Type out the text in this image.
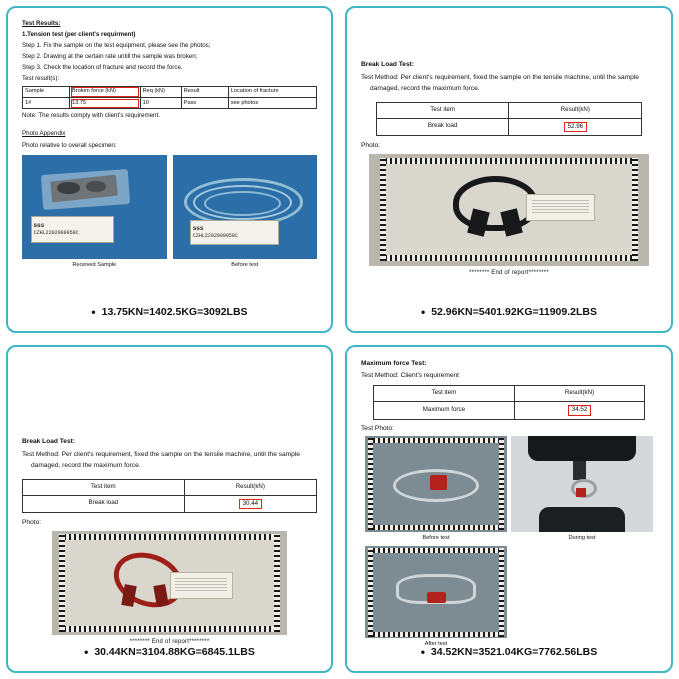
Test Results:
1.Tension test (per client's requirment)
Step 1. Fix the sample on the test equipment, please see the photos;
Step 2. Drawing at the certain rate untill the sample was broken;
Step 3. Check the location of fracture and record the force.
Test result(s):
Sample	Broken force (kN)	Req (kN)	Result	Location of fracture
1#	13.75	10	Pass	see photos
Note: The results comply with client's requirement.
Photo Appendix
Photo relative to overall specimen:
SGS
CZHL2202009058C
Received Sample
SGS
CZHL2202009058C
Before test
• 13.75KN=1402.5KG=3092LBS
Break Load Test:
Test Method: Per client's requirement, fixed the sample on the tensile machine, until the sample
damaged, record the maximum force.
Test item	Result(kN)
Break load	52.96
Photo:
******** End of report********
• 52.96KN=5401.92KG=11909.2LBS
Break Load Test:
Test Method: Per client's requirement, fixed the sample on the tensile machine, until the sample
damaged, record the maximum force.
Test item	Result(kN)
Break load	30.44
Photo:
******** End of report********
• 30.44KN=3104.88KG=6845.1LBS
Maximum force Test:
Test Method: Client's requirement
Test item	Result(kN)
Maximum force	34.52
Test Photo:
Before test	During test
After test
• 34.52KN=3521.04KG=7762.56LBS
